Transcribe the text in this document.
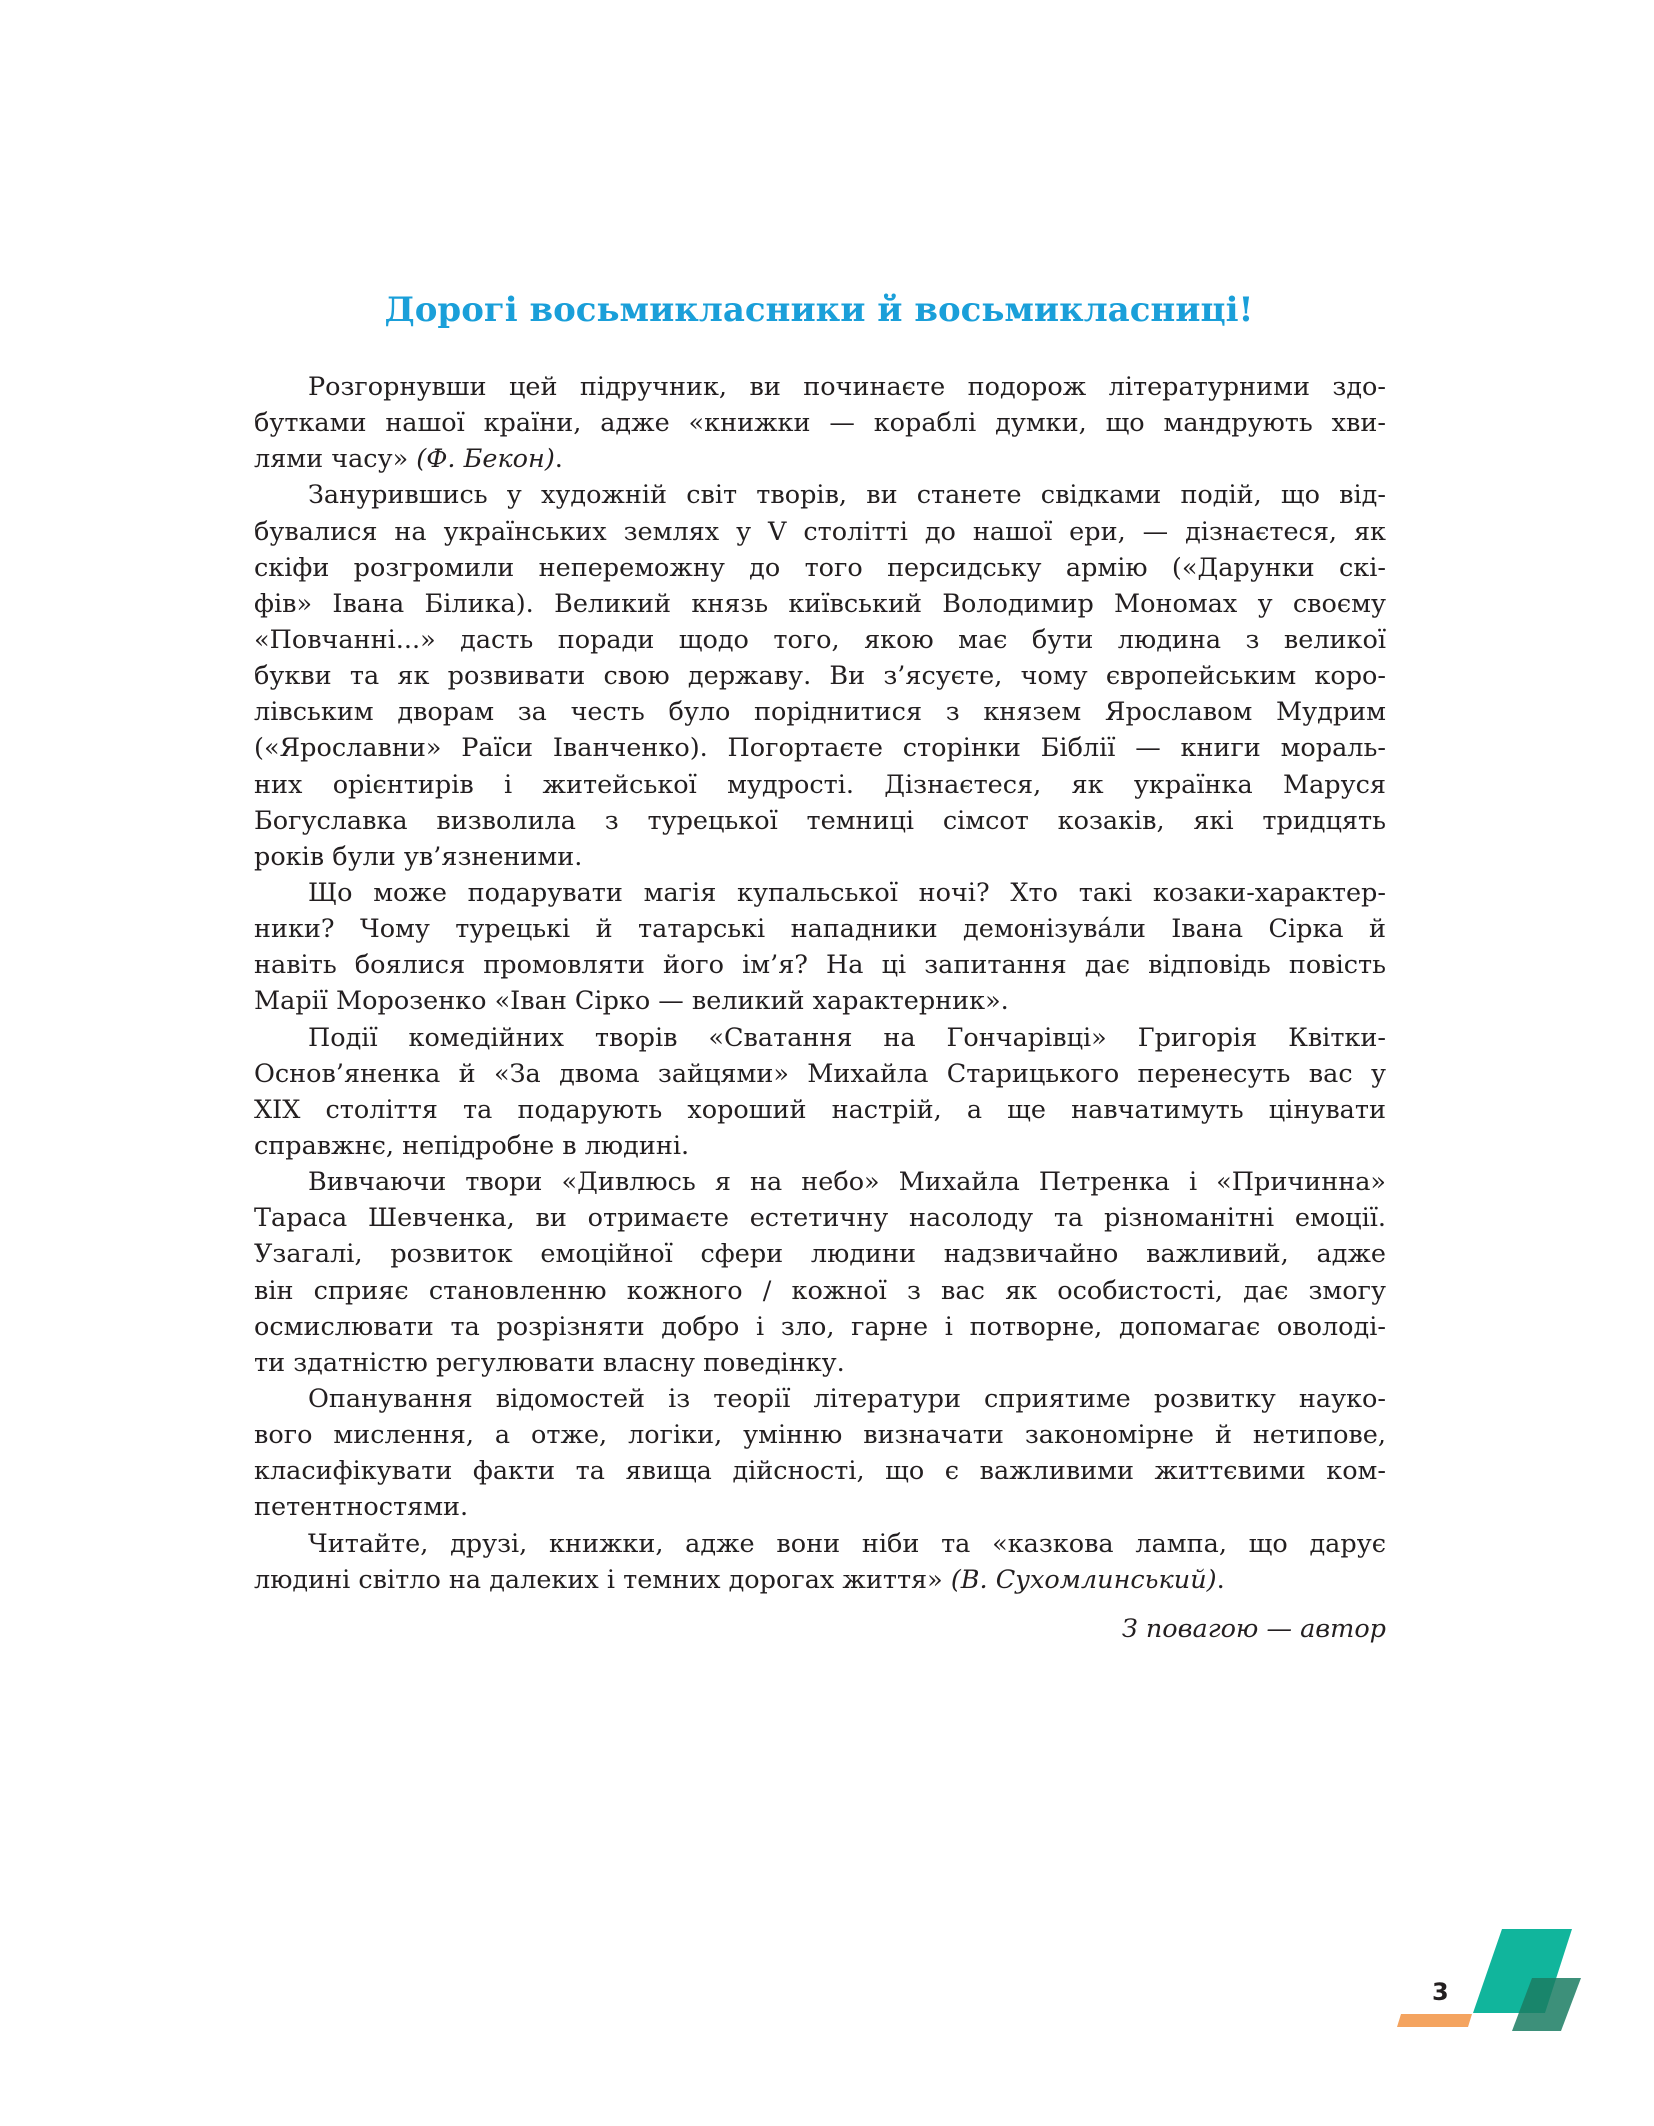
Дорогі восьмикласники й восьмикласниці!
Розгорнувши цей підручник, ви починаєте подорож літературними здо-
бутками нашої країни, адже «книжки — кораблі думки, що мандрують хви-
лями часу» (Ф. Бекон).
Занурившись у художній світ творів, ви станете свідками подій, що від-
бувалися на українських землях у V столітті до нашої ери, — дізнаєтеся, як
скіфи розгромили непереможну до того персидську армію («Дарунки скі-
фів» Івана Білика). Великий князь київський Володимир Мономах у своєму
«Повчанні...» дасть поради щодо того, якою має бути людина з великої
букви та як розвивати свою державу. Ви з’ясуєте, чому європейським коро-
лівським дворам за честь було поріднитися з князем Ярославом Мудрим
(«Ярославни» Раїси Іванченко). Погортаєте сторінки Біблії — книги мораль-
них орієнтирів і житейської мудрості. Дізнаєтеся, як українка Маруся
Богуславка визволила з турецької темниці сімсот козаків, які тридцять
років були ув’язненими.
Що може подарувати магія купальської ночі? Хто такі козаки-характер-
ники? Чому турецькі й татарські нападники демонізува́ли Івана Сірка й
навіть боялися промовляти його ім’я? На ці запитання дає відповідь повість
Марії Морозенко «Іван Сірко — великий характерник».
Події комедійних творів «Сватання на Гончарівці» Григорія Квітки-
Основ’яненка й «За двома зайцями» Михайла Старицького перенесуть вас у
XIX століття та подарують хороший настрій, а ще навчатимуть цінувати
справжнє, непідробне в людині.
Вивчаючи твори «Дивлюсь я на небо» Михайла Петренка і «Причинна»
Тараса Шевченка, ви отримаєте естетичну насолоду та різноманітні емоції.
Узагалі, розвиток емоційної сфери людини надзвичайно важливий, адже
він сприяє становленню кожного / кожної з вас як особистості, дає змогу
осмислювати та розрізняти добро і зло, гарне і потворне, допомагає оволоді-
ти здатністю регулювати власну поведінку.
Опанування відомостей із теорії літератури сприятиме розвитку науко-
вого мислення, а отже, логіки, умінню визначати закономірне й нетипове,
класифікувати факти та явища дійсності, що є важливими життєвими ком-
петентностями.
Читайте, друзі, книжки, адже вони ніби та «казкова лампа, що дарує
людині світло на далеких і темних дорогах життя» (В. Сухомлинський).
З повагою — автор
3
